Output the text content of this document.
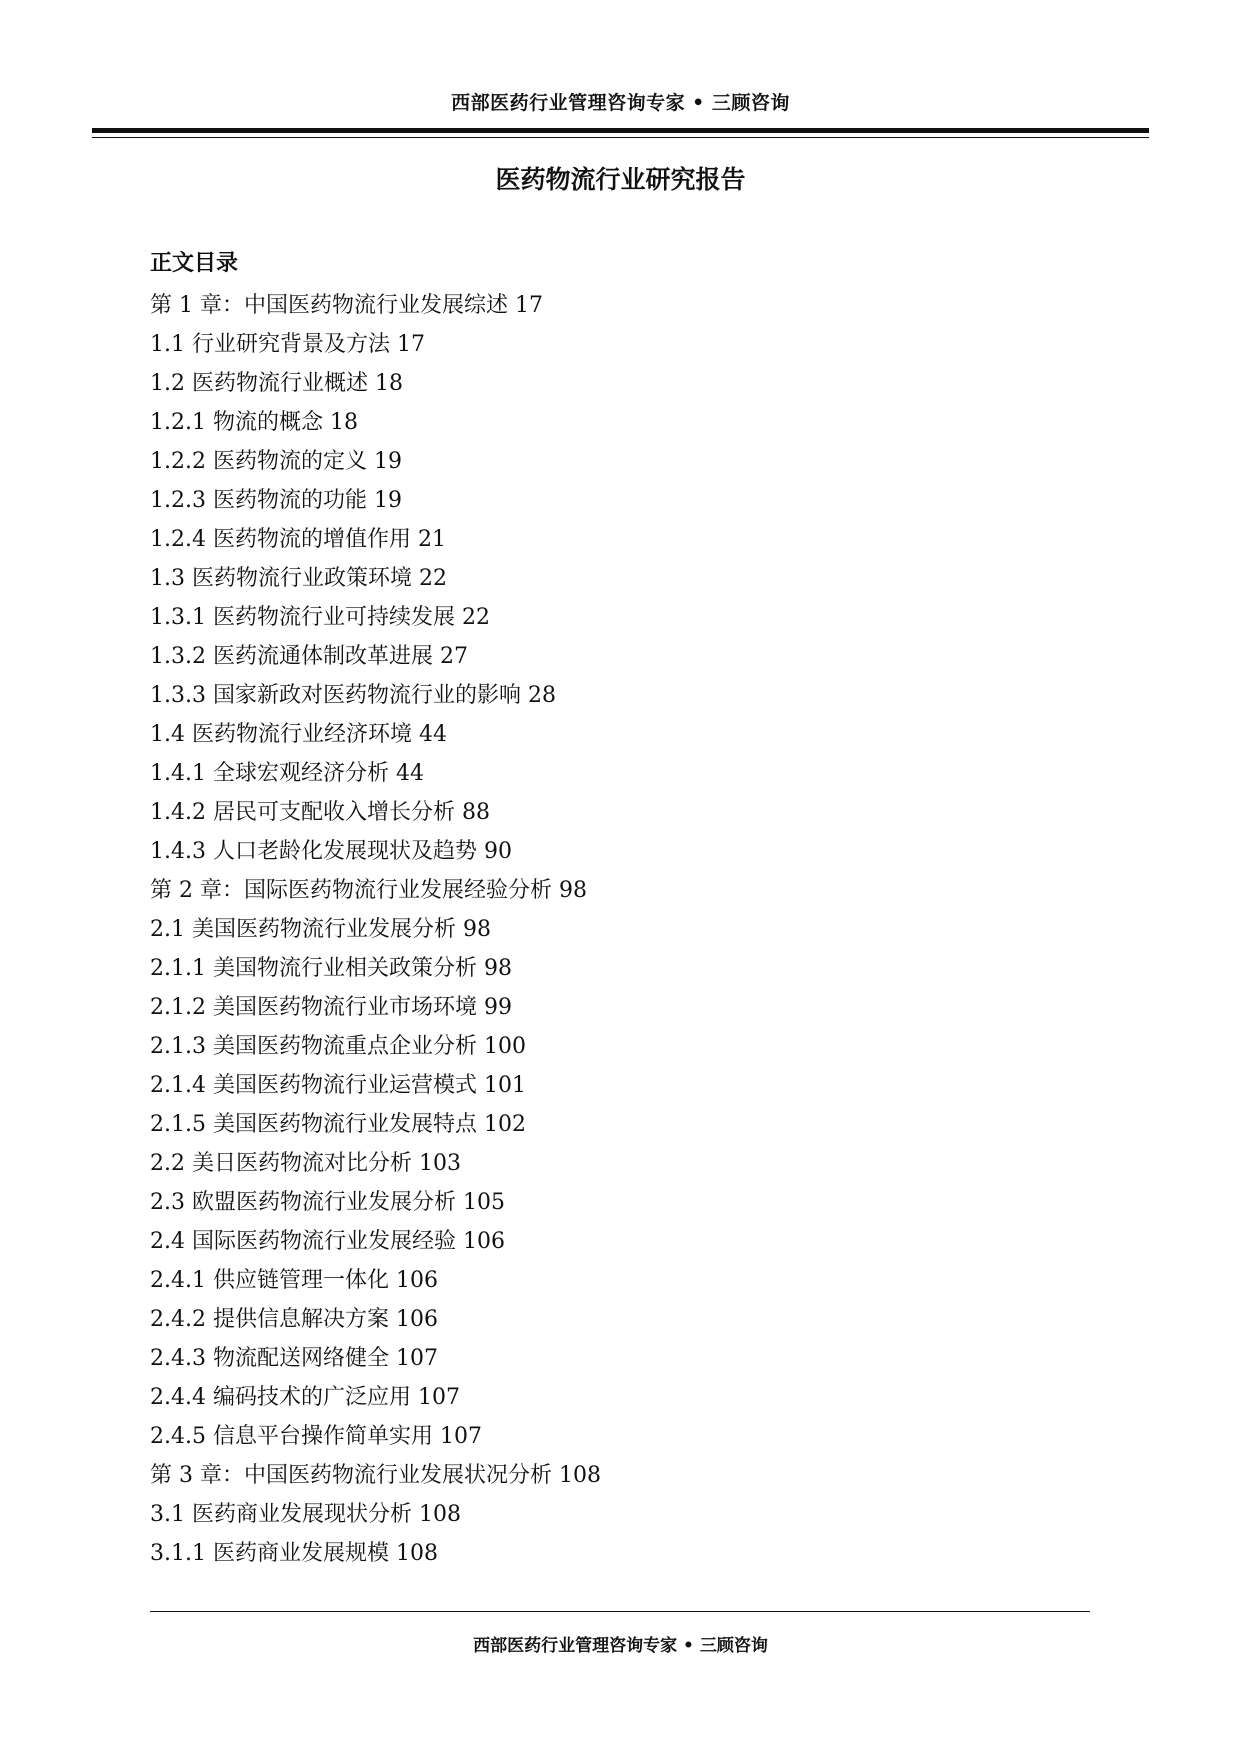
西部医药行业管理咨询专家 • 三顾咨询
医药物流行业研究报告
正文目录
第 1 章：中国医药物流行业发展综述 17
1.1 行业研究背景及方法 17
1.2 医药物流行业概述 18
1.2.1 物流的概念 18
1.2.2 医药物流的定义 19
1.2.3 医药物流的功能 19
1.2.4 医药物流的增值作用 21
1.3 医药物流行业政策环境 22
1.3.1 医药物流行业可持续发展 22
1.3.2 医药流通体制改革进展 27
1.3.3 国家新政对医药物流行业的影响 28
1.4 医药物流行业经济环境 44
1.4.1 全球宏观经济分析 44
1.4.2 居民可支配收入增长分析 88
1.4.3 人口老龄化发展现状及趋势 90
第 2 章：国际医药物流行业发展经验分析 98
2.1 美国医药物流行业发展分析 98
2.1.1 美国物流行业相关政策分析 98
2.1.2 美国医药物流行业市场环境 99
2.1.3 美国医药物流重点企业分析 100
2.1.4 美国医药物流行业运营模式 101
2.1.5 美国医药物流行业发展特点 102
2.2 美日医药物流对比分析 103
2.3 欧盟医药物流行业发展分析 105
2.4 国际医药物流行业发展经验 106
2.4.1 供应链管理一体化 106
2.4.2 提供信息解决方案 106
2.4.3 物流配送网络健全 107
2.4.4 编码技术的广泛应用 107
2.4.5 信息平台操作简单实用 107
第 3 章：中国医药物流行业发展状况分析 108
3.1 医药商业发展现状分析 108
3.1.1 医药商业发展规模 108
西部医药行业管理咨询专家 • 三顾咨询
